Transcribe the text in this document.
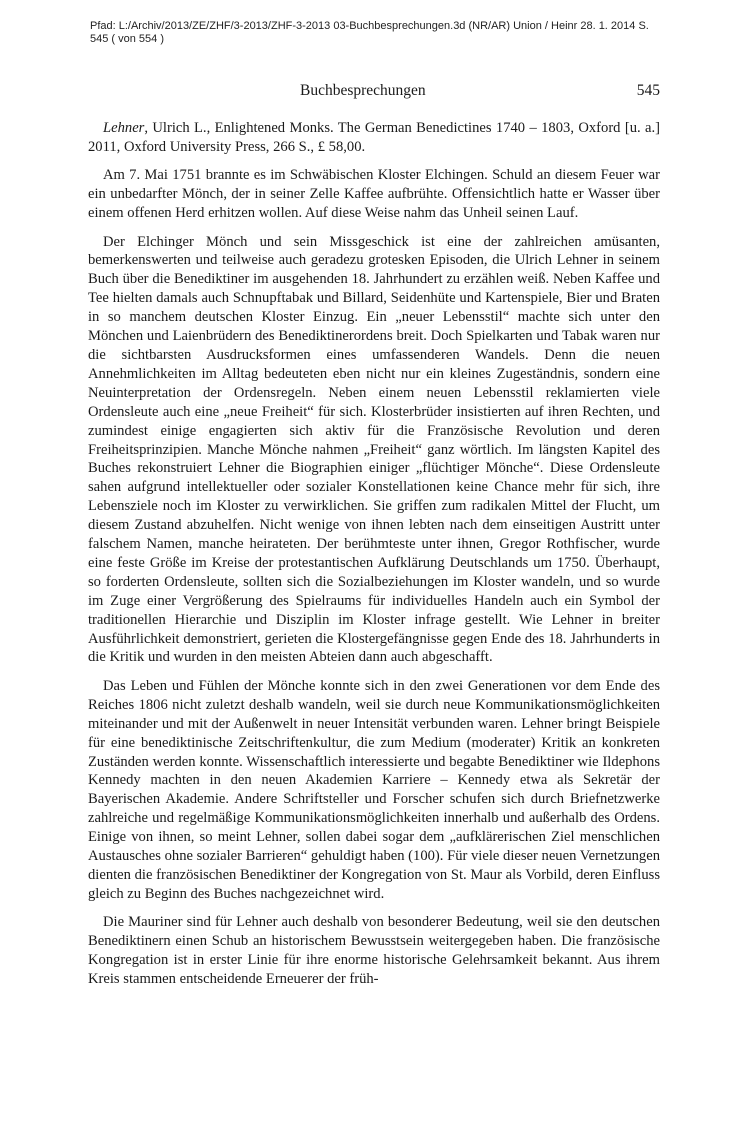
Pfad: L:/Archiv/2013/ZE/ZHF/3-2013/ZHF-3-2013 03-Buchbesprechungen.3d (NR/AR) Union / Heinr 28. 1. 2014 S. 545 ( von 554 )
Buchbesprechungen	545

Lehner, Ulrich L., Enlightened Monks. The German Benedictines 1740 – 1803, Oxford [u. a.] 2011, Oxford University Press, 266 S., £ 58,00.

Am 7. Mai 1751 brannte es im Schwäbischen Kloster Elchingen. Schuld an diesem Feuer war ein unbedarfter Mönch, der in seiner Zelle Kaffee aufbrühte. Offensichtlich hatte er Wasser über einem offenen Herd erhitzen wollen. Auf diese Weise nahm das Unheil seinen Lauf.

Der Elchinger Mönch und sein Missgeschick ist eine der zahlreichen amüsanten, bemerkenswerten und teilweise auch geradezu grotesken Episoden, die Ulrich Lehner in seinem Buch über die Benediktiner im ausgehenden 18. Jahrhundert zu erzählen weiß. Neben Kaffee und Tee hielten damals auch Schnupftabak und Billard, Seidenhüte und Kartenspiele, Bier und Braten in so manchem deutschen Kloster Einzug. Ein „neuer Lebensstil“ machte sich unter den Mönchen und Laienbrüdern des Benediktinerordens breit. Doch Spielkarten und Tabak waren nur die sichtbarsten Ausdrucksformen eines umfassenderen Wandels. Denn die neuen Annehmlichkeiten im Alltag bedeuteten eben nicht nur ein kleines Zugeständnis, sondern eine Neuinterpretation der Ordensregeln. Neben einem neuen Lebensstil reklamierten viele Ordensleute auch eine „neue Freiheit“ für sich. Klosterbrüder insistierten auf ihren Rechten, und zumindest einige engagierten sich aktiv für die Französische Revolution und deren Freiheitsprinzipien. Manche Mönche nahmen „Freiheit“ ganz wörtlich. Im längsten Kapitel des Buches rekonstruiert Lehner die Biographien einiger „flüchtiger Mönche“. Diese Ordensleute sahen aufgrund intellektueller oder sozialer Konstellationen keine Chance mehr für sich, ihre Lebensziele noch im Kloster zu verwirklichen. Sie griffen zum radikalen Mittel der Flucht, um diesem Zustand abzuhelfen. Nicht wenige von ihnen lebten nach dem einseitigen Austritt unter falschem Namen, manche heirateten. Der berühmteste unter ihnen, Gregor Rothfischer, wurde eine feste Größe im Kreise der protestantischen Aufklärung Deutschlands um 1750. Überhaupt, so forderten Ordensleute, sollten sich die Sozialbeziehungen im Kloster wandeln, und so wurde im Zuge einer Vergrößerung des Spielraums für individuelles Handeln auch ein Symbol der traditionellen Hierarchie und Disziplin im Kloster infrage gestellt. Wie Lehner in breiter Ausführlichkeit demonstriert, gerieten die Klostergefängnisse gegen Ende des 18. Jahrhunderts in die Kritik und wurden in den meisten Abteien dann auch abgeschafft.

Das Leben und Fühlen der Mönche konnte sich in den zwei Generationen vor dem Ende des Reiches 1806 nicht zuletzt deshalb wandeln, weil sie durch neue Kommunikationsmöglichkeiten miteinander und mit der Außenwelt in neuer Intensität verbunden waren. Lehner bringt Beispiele für eine benediktinische Zeitschriftenkultur, die zum Medium (moderater) Kritik an konkreten Zuständen werden konnte. Wissenschaftlich interessierte und begabte Benediktiner wie Ildephons Kennedy machten in den neuen Akademien Karriere – Kennedy etwa als Sekretär der Bayerischen Akademie. Andere Schriftsteller und Forscher schufen sich durch Briefnetzwerke zahlreiche und regelmäßige Kommunikationsmöglichkeiten innerhalb und außerhalb des Ordens. Einige von ihnen, so meint Lehner, sollen dabei sogar dem „aufklärerischen Ziel menschlichen Austausches ohne sozialer Barrieren“ gehuldigt haben (100). Für viele dieser neuen Vernetzungen dienten die französischen Benediktiner der Kongregation von St. Maur als Vorbild, deren Einfluss gleich zu Beginn des Buches nachgezeichnet wird.

Die Mauriner sind für Lehner auch deshalb von besonderer Bedeutung, weil sie den deutschen Benediktinern einen Schub an historischem Bewusstsein weitergegeben haben. Die französische Kongregation ist in erster Linie für ihre enorme historische Gelehrsamkeit bekannt. Aus ihrem Kreis stammen entscheidende Erneuerer der früh-
